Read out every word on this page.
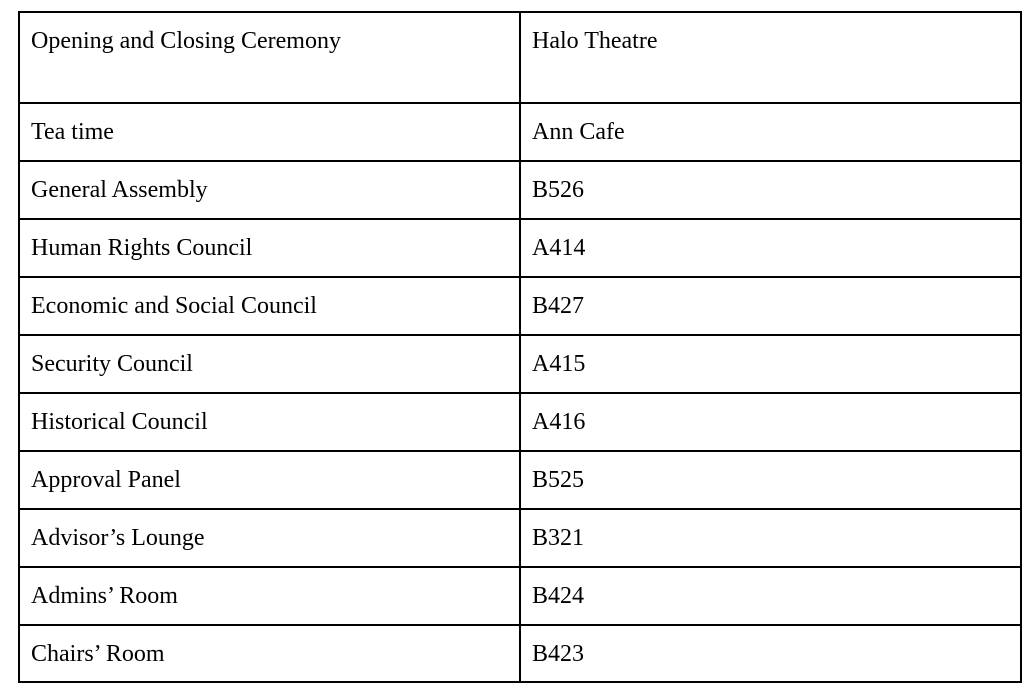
Opening and Closing Ceremony	Halo Theatre
Tea time	Ann Cafe
General Assembly	B526
Human Rights Council	A414
Economic and Social Council	B427
Security Council	A415
Historical Council	A416
Approval Panel	B525
Advisor’s Lounge	B321
Admins’ Room	B424
Chairs’ Room	B423
